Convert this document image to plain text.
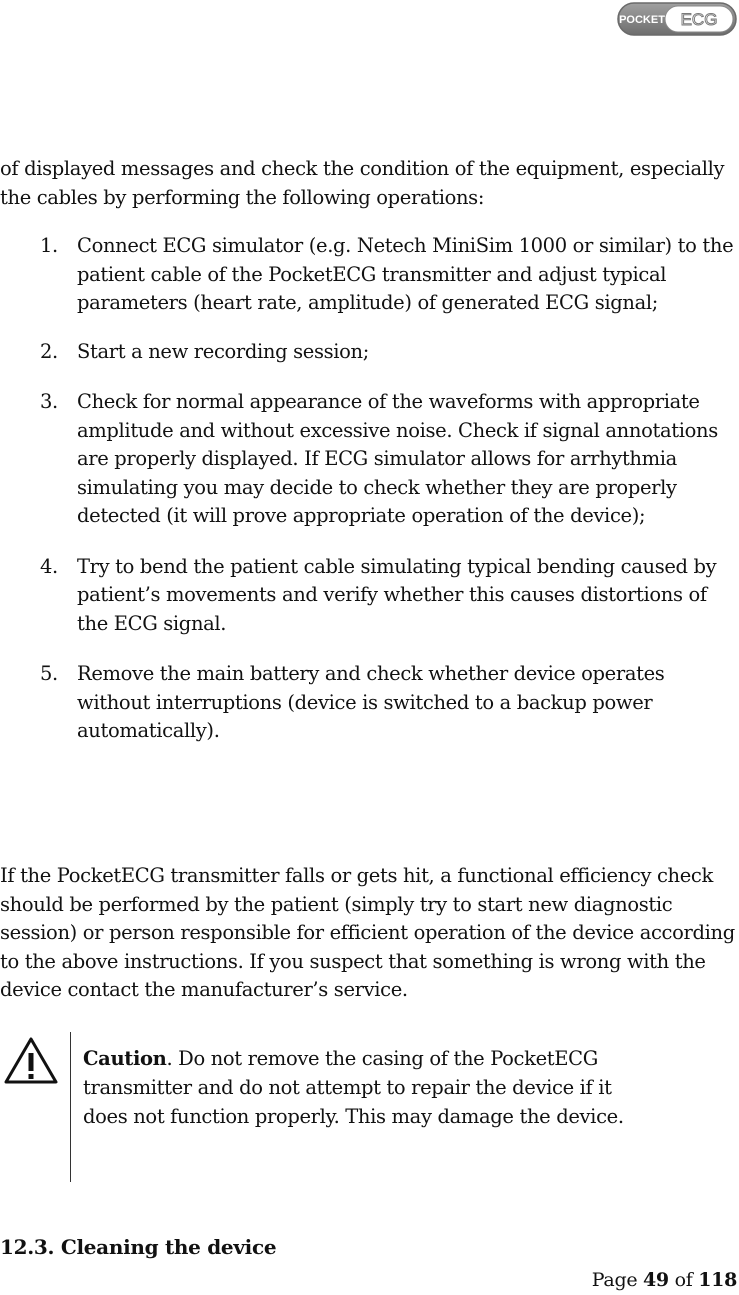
POCKET ECG

of displayed messages and check the condition of the equipment, especially the cables by performing the following operations:

1. Connect ECG simulator (e.g. Netech MiniSim 1000 or similar) to the patient cable of the PocketECG transmitter and adjust typical parameters (heart rate, amplitude) of generated ECG signal;
2. Start a new recording session;
3. Check for normal appearance of the waveforms with appropriate amplitude and without excessive noise. Check if signal annotations are properly displayed. If ECG simulator allows for arrhythmia simulating you may decide to check whether they are properly detected (it will prove appropriate operation of the device);
4. Try to bend the patient cable simulating typical bending caused by patient’s movements and verify whether this causes distortions of the ECG signal.
5. Remove the main battery and check whether device operates without interruptions (device is switched to a backup power automatically).

If the PocketECG transmitter falls or gets hit, a functional efficiency check should be performed by the patient (simply try to start new diagnostic session) or person responsible for efficient operation of the device according to the above instructions. If you suspect that something is wrong with the device contact the manufacturer’s service.

Caution. Do not remove the casing of the PocketECG transmitter and do not attempt to repair the device if it does not function properly. This may damage the device.

12.3. Cleaning the device
Page 49 of 118
